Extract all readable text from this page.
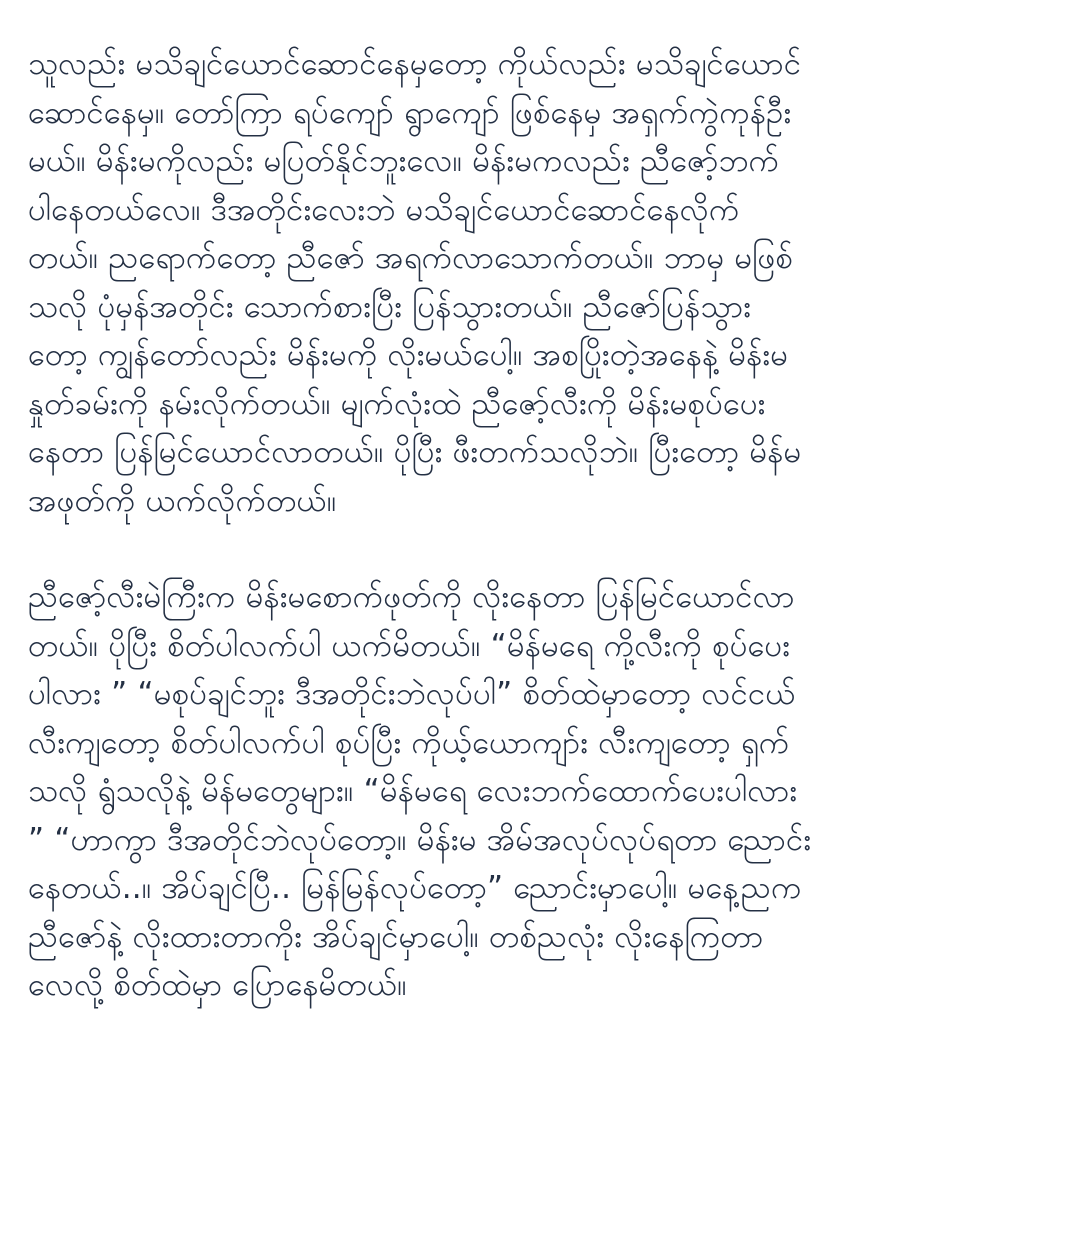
သူလည်း မသိချင်ယောင်ဆောင်နေမှတော့ ကိုယ်လည်း မသိချင်ယောင်
ဆောင်နေမှ။ တော်ကြာ ရပ်ကျော် ရွာကျော် ဖြစ်နေမှ အရှက်ကွဲကုန်ဦး
မယ်။ မိန်းမကိုလည်း မပြတ်နိုင်ဘူးလေ။ မိန်းမကလည်း ညီဇော့်ဘက်
ပါနေတယ်လေ။ ဒီအတိုင်းလေးဘဲ မသိချင်ယောင်ဆောင်နေလိုက်
တယ်။ ညရောက်တော့ ညီဇော် အရက်လာသောက်တယ်။ ဘာမှ မဖြစ်
သလို ပုံမှန်အတိုင်း သောက်စားပြီး ပြန်သွားတယ်။ ညီဇော်ပြန်သွား
တော့ ကျွန်တော်လည်း မိန်းမကို လိုးမယ်ပေါ့။ အစပြိုးတဲ့အနေနဲ့ မိန်းမ
နှုတ်ခမ်းကို နမ်းလိုက်တယ်။ မျက်လုံးထဲ ညီဇော့်လီးကို မိန်းမစုပ်ပေး
နေတာ ပြန်မြင်ယောင်လာတယ်။ ပိုပြီး ဖီးတက်သလိုဘဲ။ ပြီးတော့ မိန်မ
အဖုတ်ကို ယက်လိုက်တယ်။
ညီဇော့်လီးမဲကြီးက မိန်းမစောက်ဖုတ်ကို လိုးနေတာ ပြန်မြင်ယောင်လာ
တယ်။ ပိုပြီး စိတ်ပါလက်ပါ ယက်မိတယ်။ “မိန်မရေ ကို့လီးကို စုပ်ပေး
ပါလား ” “မစုပ်ချင်ဘူး ဒီအတိုင်းဘဲလုပ်ပါ” စိတ်ထဲမှာတော့ လင်ငယ်
လီးကျတော့ စိတ်ပါလက်ပါ စုပ်ပြီး ကိုယ့်ယောကျာ်း လီးကျတော့ ရှက်
သလို ရွံသလိုနဲ့ မိန်မတွေများ။ “မိန်မရေ လေးဘက်ထောက်ပေးပါလား
” “ဟာကွာ ဒီအတိုင်ဘဲလုပ်တော့။ မိန်းမ အိမ်အလုပ်လုပ်ရတာ ညောင်း
နေတယ်..။ အိပ်ချင်ပြီ.. မြန်မြန်လုပ်တော့” ညောင်းမှာပေါ့။ မနေ့ညက
ညီဇော်နဲ့ လိုးထားတာကိုး အိပ်ချင်မှာပေါ့။ တစ်ညလုံး လိုးနေကြတာ
လေလို့ စိတ်ထဲမှာ ပြောနေမိတယ်။
